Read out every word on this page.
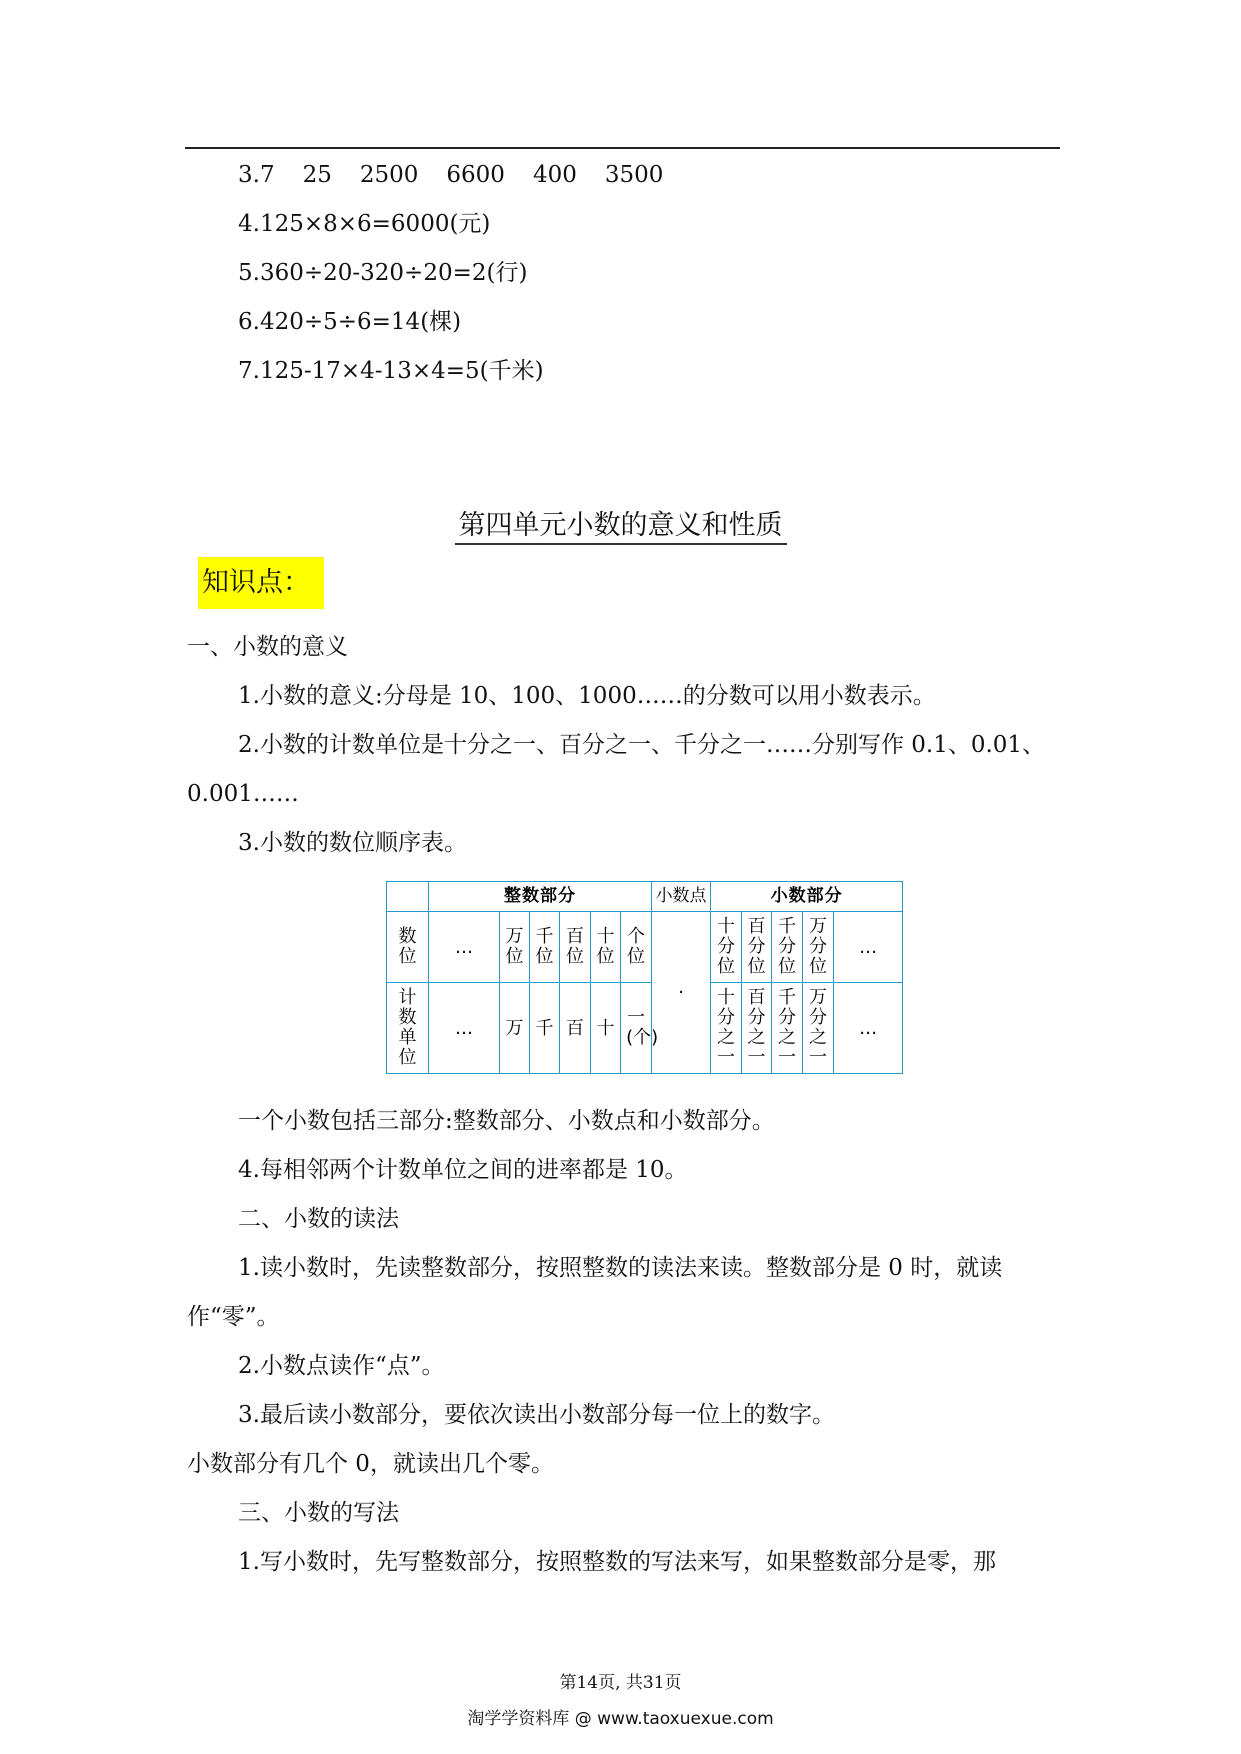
3.7 25 2500 6600 400 3500
4.125×8×6=6000(元)
5.360÷20-320÷20=2(行)
6.420÷5÷6=14(棵)
7.125-17×4-13×4=5(千米)
第四单元小数的意义和性质
知识点：
一、小数的意义
1.小数的意义:分母是 10、100、1000……的分数可以用小数表示。
2.小数的计数单位是十分之一、百分之一、千分之一……分别写作 0.1、0.01、
0.001……
3.小数的数位顺序表。
	整数部分						小数点	小数部分				
数位	…	万位	千位	百位	十位	个位	·	十分位	百分位	千分位	万分位	…
计数单位	…	万	千	百	十	一(个)		十分之一	百分之一	千分之一	万分之一	…
一个小数包括三部分:整数部分、小数点和小数部分。
4.每相邻两个计数单位之间的进率都是 10。
二、小数的读法
1.读小数时，先读整数部分，按照整数的读法来读。整数部分是 0 时，就读
作“零”。
2.小数点读作“点”。
3.最后读小数部分，要依次读出小数部分每一位上的数字。
小数部分有几个 0，就读出几个零。
三、小数的写法
1.写小数时，先写整数部分，按照整数的写法来写，如果整数部分是零，那
第14页, 共31页
淘学学资料库 @ www.taoxuexue.com
